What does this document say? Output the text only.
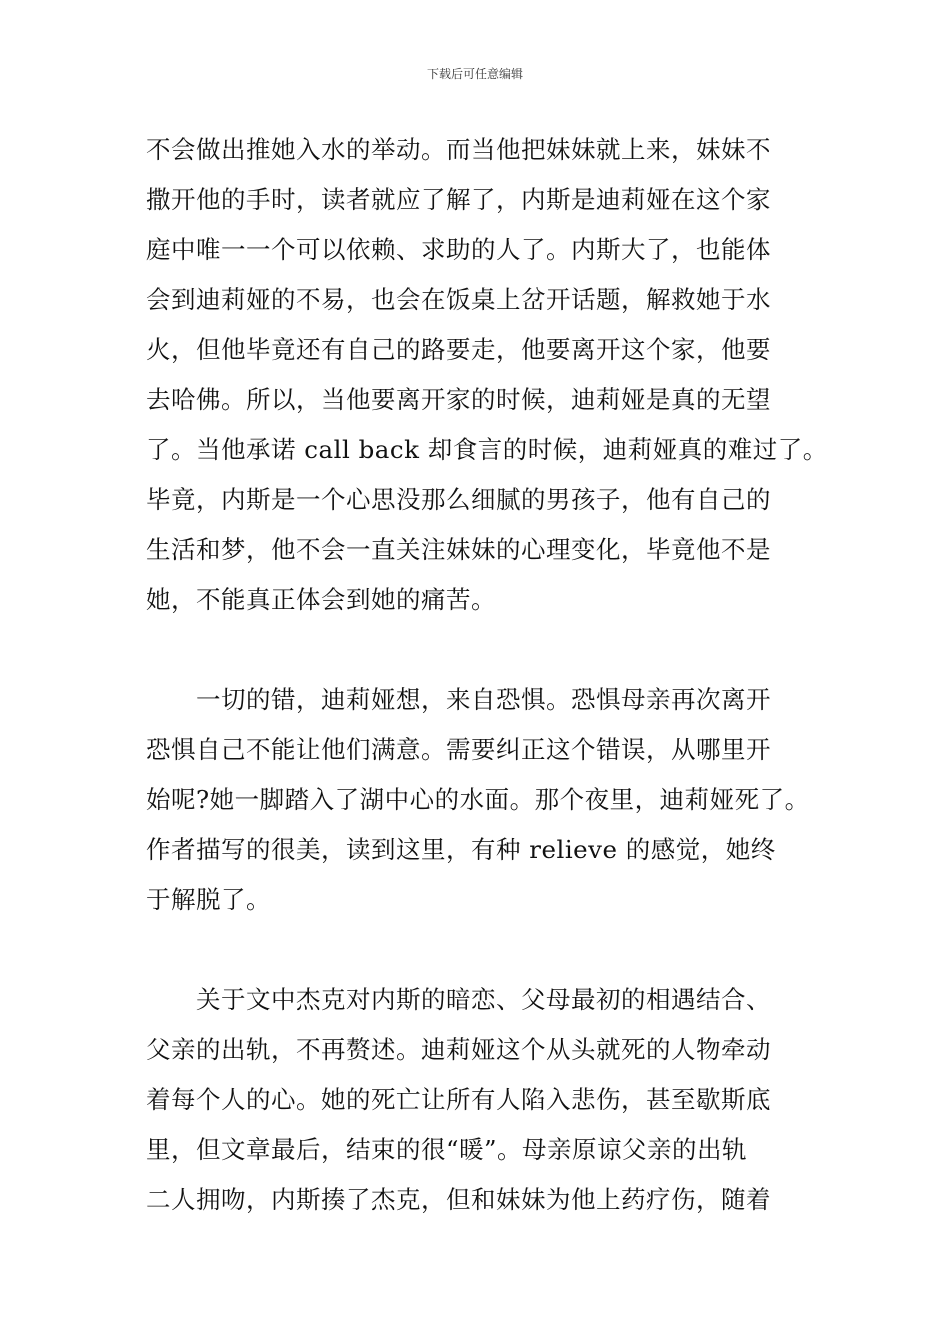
下载后可任意编辑

不会做出推她入水的举动。而当他把妹妹就上来，妹妹不
撒开他的手时，读者就应了解了，内斯是迪莉娅在这个家
庭中唯一一个可以依赖、求助的人了。内斯大了，也能体
会到迪莉娅的不易，也会在饭桌上岔开话题，解救她于水
火，但他毕竟还有自己的路要走，他要离开这个家，他要
去哈佛。所以，当他要离开家的时候，迪莉娅是真的无望
了。当他承诺 call back 却食言的时候，迪莉娅真的难过了。
毕竟，内斯是一个心思没那么细腻的男孩子，他有自己的
生活和梦，他不会一直关注妹妹的心理变化，毕竟他不是
她，不能真正体会到她的痛苦。

　　一切的错，迪莉娅想，来自恐惧。恐惧母亲再次离开
恐惧自己不能让他们满意。需要纠正这个错误，从哪里开
始呢?她一脚踏入了湖中心的水面。那个夜里，迪莉娅死了。
作者描写的很美，读到这里，有种 relieve 的感觉，她终
于解脱了。

　　关于文中杰克对内斯的暗恋、父母最初的相遇结合、
父亲的出轨，不再赘述。迪莉娅这个从头就死的人物牵动
着每个人的心。她的死亡让所有人陷入悲伤，甚至歇斯底
里，但文章最后，结束的很“暖”。母亲原谅父亲的出轨
二人拥吻，内斯揍了杰克，但和妹妹为他上药疗伤，随着
